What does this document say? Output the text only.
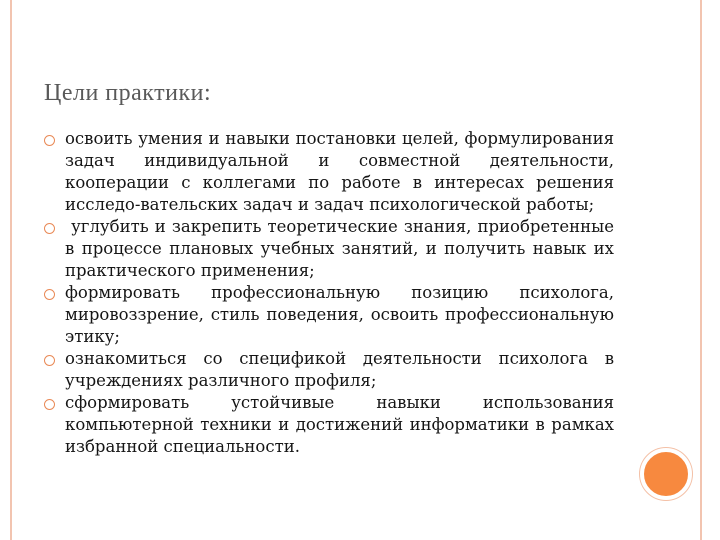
Цели практики:
освоить умения и навыки постановки целей, формулирования задач индивидуальной и совместной деятельности, кооперации с коллегами по работе в интересах решения исследо-вательских задач и задач психологической работы;
углубить и закрепить теоретические знания, приобретенные в процессе плановых учебных занятий, и получить навык их практического применения;
формировать профессиональную позицию психолога, мировоззрение, стиль поведения, освоить профессиональную этику;
ознакомиться со спецификой деятельности психолога в учреждениях различного профиля;
сформировать устойчивые навыки использования компьютерной техники и достижений информатики в рамках избранной специальности.
